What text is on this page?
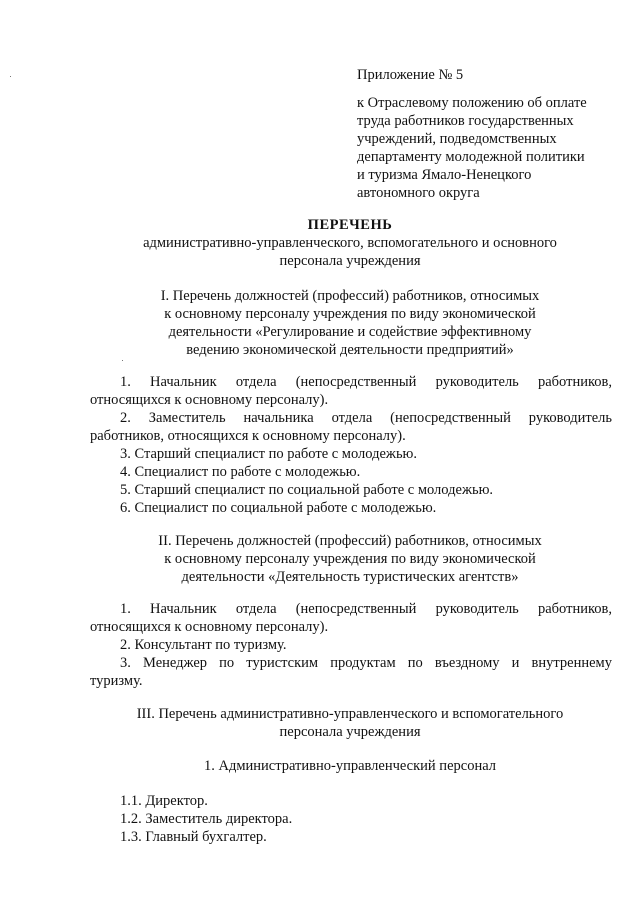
Приложение № 5
к Отраслевому положению об оплате
труда работников государственных
учреждений, подведомственных
департаменту молодежной политики
и туризма Ямало-Ненецкого
автономного округа
ПЕРЕЧЕНЬ
административно-управленческого, вспомогательного и основного
персонала учреждения
I. Перечень должностей (профессий) работников, относимых
к основному персоналу учреждения по виду экономической
деятельности «Регулирование и содействие эффективному
ведению экономической деятельности предприятий»
1. Начальник отдела (непосредственный руководитель работников,
относящихся к основному персоналу).
2. Заместитель начальника отдела (непосредственный руководитель
работников, относящихся к основному персоналу).
3. Старший специалист по работе с молодежью.
4. Специалист по работе с молодежью.
5. Старший специалист по социальной работе с молодежью.
6. Специалист по социальной работе с молодежью.
II. Перечень должностей (профессий) работников, относимых
к основному персоналу учреждения по виду экономической
деятельности «Деятельность туристических агентств»
1. Начальник отдела (непосредственный руководитель работников,
относящихся к основному персоналу).
2. Консультант по туризму.
3. Менеджер по туристским продуктам по въездному и внутреннему
туризму.
III. Перечень административно-управленческого и вспомогательного
персонала учреждения
1. Административно-управленческий персонал
1.1. Директор.
1.2. Заместитель директора.
1.3. Главный бухгалтер.
